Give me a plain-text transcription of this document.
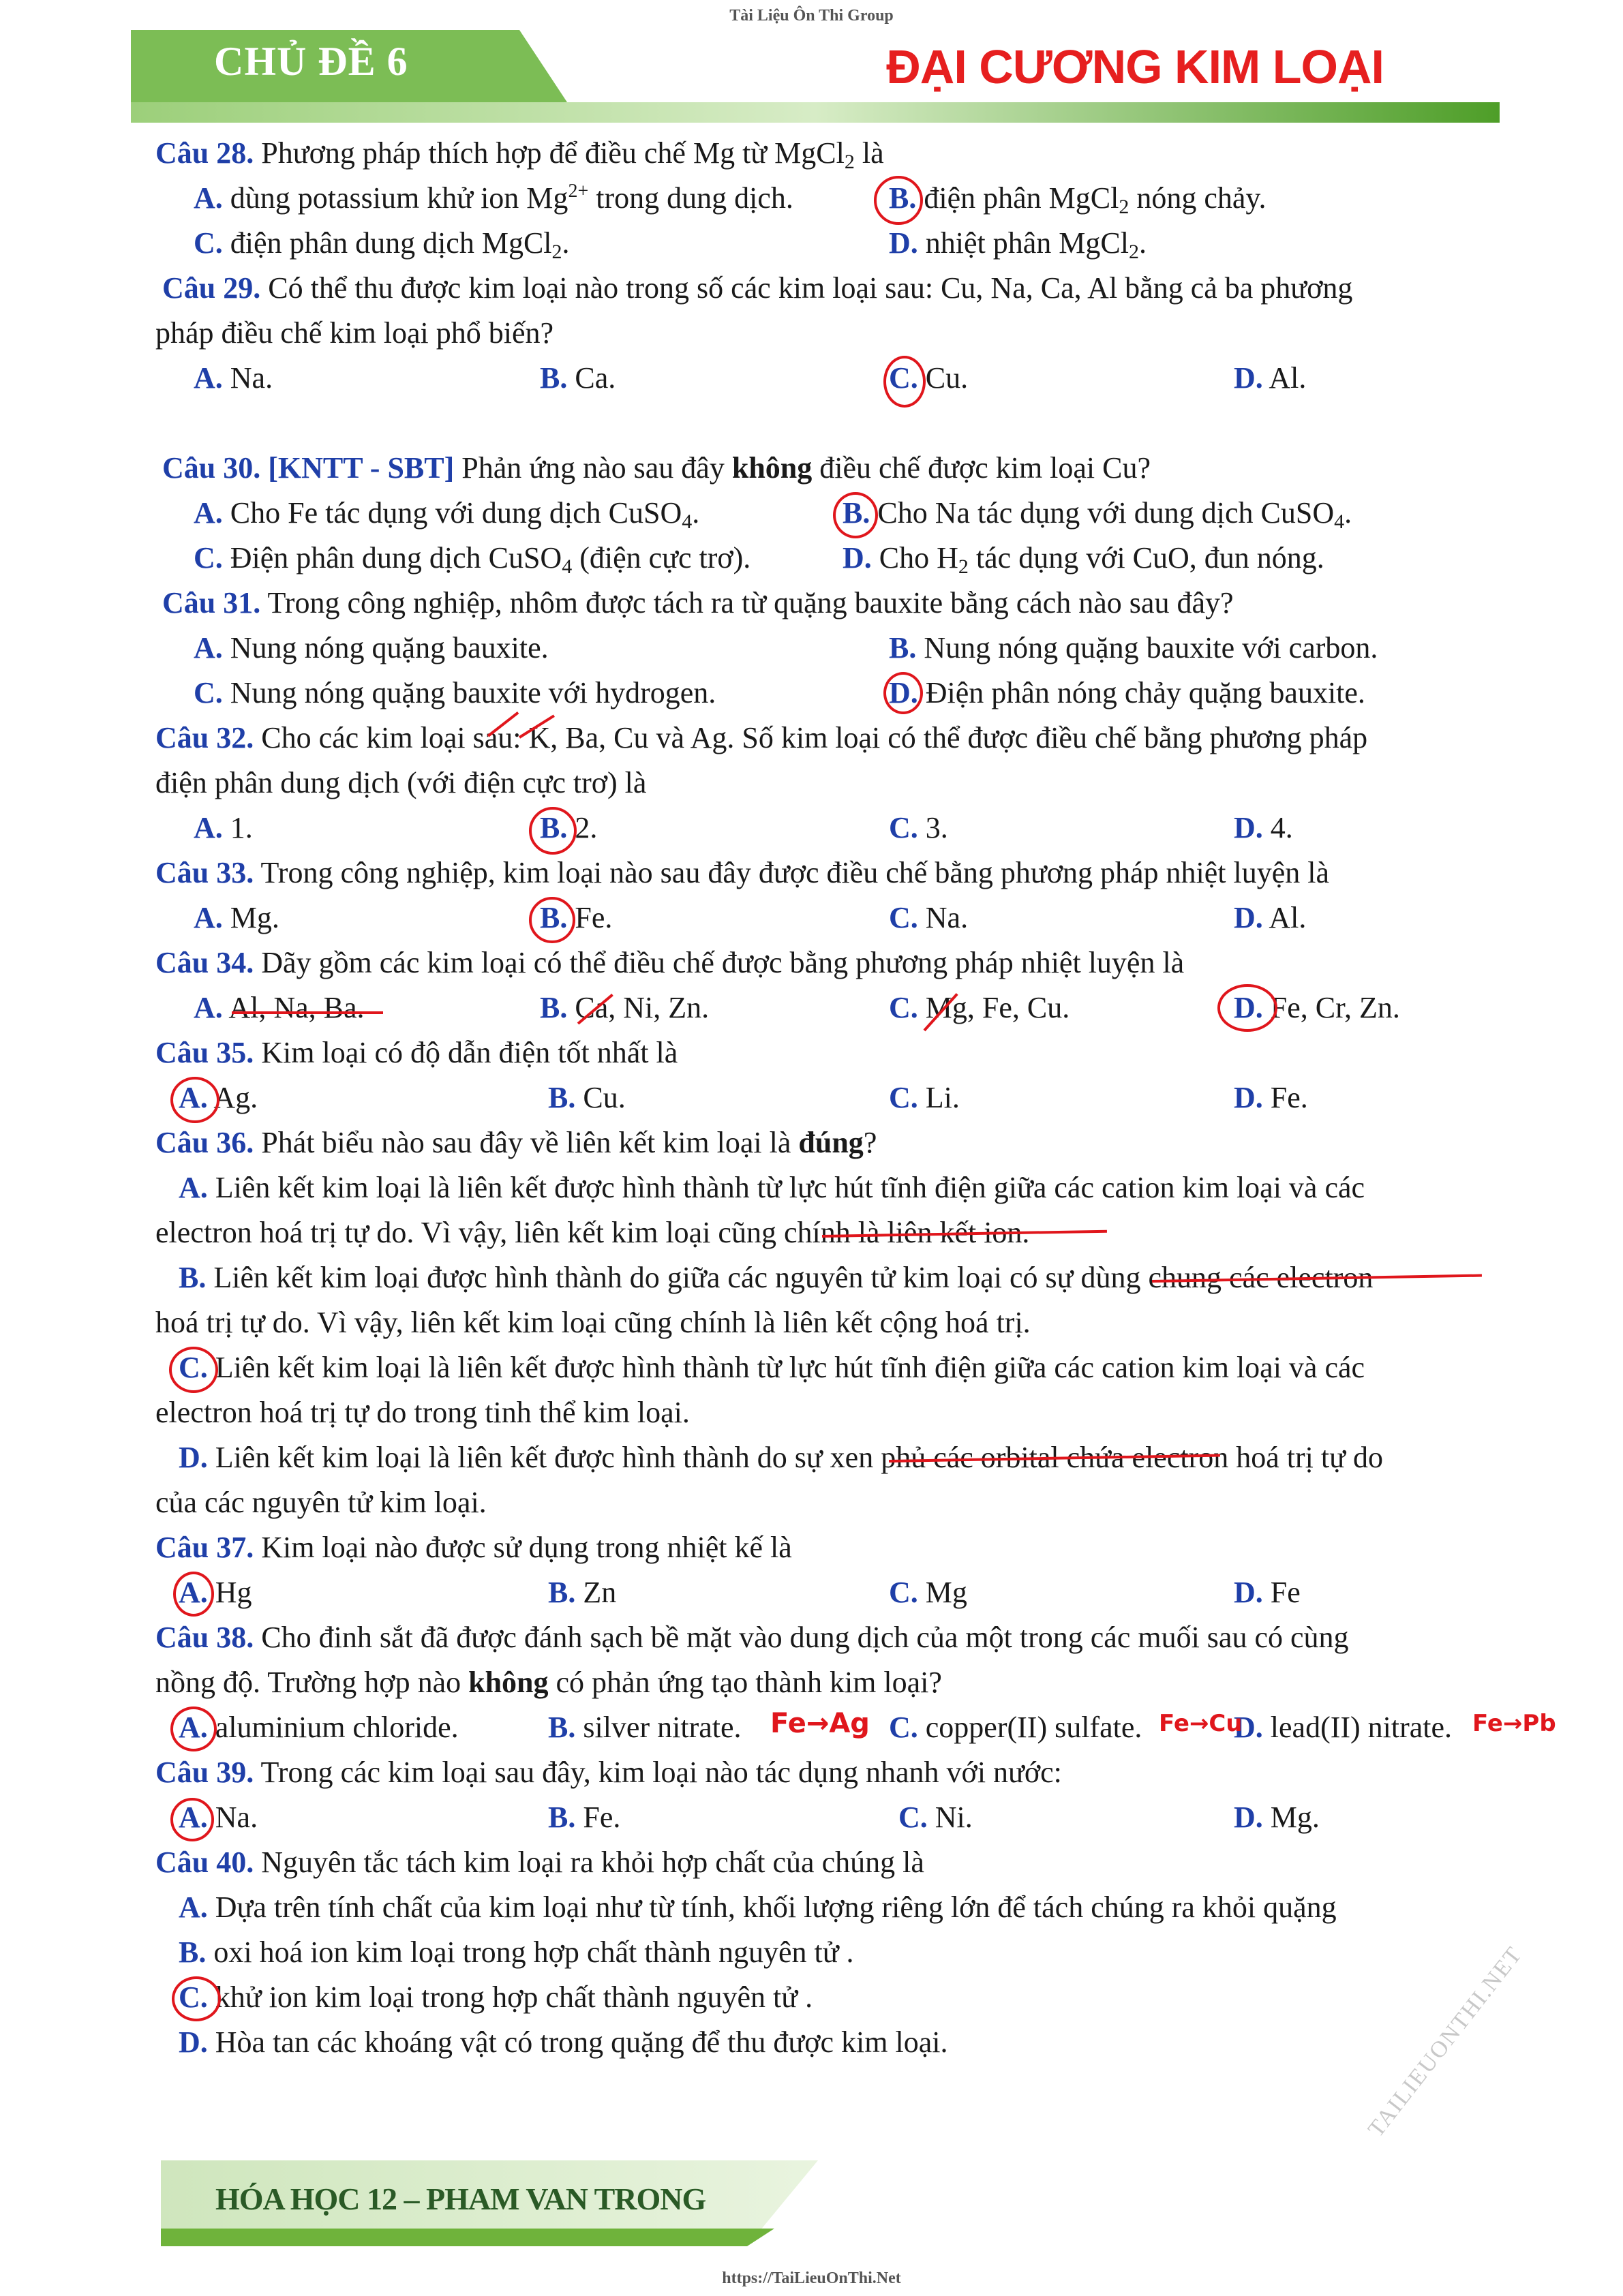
Tài Liệu Ôn Thi Group
CHỦ ĐỀ 6	ĐẠI CƯƠNG KIM LOẠI
Câu 28. Phương pháp thích hợp để điều chế Mg từ MgCl$_2$ là
A. dùng potassium khử ion $Mg^{2+}$ trong dung dịch.	B. điện phân MgCl$_2$ nóng chảy.
C. điện phân dung dịch MgCl$_2$.	D. nhiệt phân MgCl$_2$.
Câu 29. Có thể thu được kim loại nào trong số các kim loại sau: Cu, Na, Ca, Al bằng cả ba phương
pháp điều chế kim loại phổ biến?
A. Na.	B. Ca.	C. Cu.	D. Al.
Câu 30. [KNTT - SBT] Phản ứng nào sau đây không điều chế được kim loại Cu?
A. Cho Fe tác dụng với dung dịch CuSO$_4$.	B. Cho Na tác dụng với dung dịch CuSO$_4$.
C. Điện phân dung dịch CuSO$_4$ (điện cực trơ).	D. Cho $H_2$ tác dụng với CuO, đun nóng.
Câu 31. Trong công nghiệp, nhôm được tách ra từ quặng bauxite bằng cách nào sau đây?
A. Nung nóng quặng bauxite.	B. Nung nóng quặng bauxite với carbon.
C. Nung nóng quặng bauxite với hydrogen.	D. Điện phân nóng chảy quặng bauxite.
Câu 32. Cho các kim loại sau: K, Ba, Cu và Ag. Số kim loại có thể được điều chế bằng phương pháp
điện phân dung dịch (với điện cực trơ) là
A. 1.	B. 2.	C. 3.	D. 4.
Câu 33. Trong công nghiệp, kim loại nào sau đây được điều chế bằng phương pháp nhiệt luyện là
A. Mg.	B. Fe.	C. Na.	D. Al.
Câu 34. Dãy gồm các kim loại có thể điều chế được bằng phương pháp nhiệt luyện là
A. Al, Na, Ba.	B. Ca, Ni, Zn.	C. Mg, Fe, Cu.	D. Fe, Cr, Zn.
Câu 35. Kim loại có độ dẫn điện tốt nhất là
A. Ag.	B. Cu.	C. Li.	D. Fe.
Câu 36. Phát biểu nào sau đây về liên kết kim loại là đúng?
A. Liên kết kim loại là liên kết được hình thành từ lực hút tĩnh điện giữa các cation kim loại và các
electron hoá trị tự do. Vì vậy, liên kết kim loại cũng chính là liên kết ion.
B. Liên kết kim loại được hình thành do giữa các nguyên tử kim loại có sự dùng chung các electron
hoá trị tự do. Vì vậy, liên kết kim loại cũng chính là liên kết cộng hoá trị.
C. Liên kết kim loại là liên kết được hình thành từ lực hút tĩnh điện giữa các cation kim loại và các
electron hoá trị tự do trong tinh thể kim loại.
D. Liên kết kim loại là liên kết được hình thành do sự xen phủ các orbital chứa electron hoá trị tự do
của các nguyên tử kim loại.
Câu 37. Kim loại nào được sử dụng trong nhiệt kế là
A. Hg	B. Zn	C. Mg	D. Fe
Câu 38. Cho đinh sắt đã được đánh sạch bề mặt vào dung dịch của một trong các muối sau có cùng
nồng độ. Trường hợp nào không có phản ứng tạo thành kim loại?
A. aluminium chloride.	B. silver nitrate.	C. copper(II) sulfate.	D. lead(II) nitrate.
Fe→Ag	Fe→Cu	Fe→Pb
Câu 39. Trong các kim loại sau đây, kim loại nào tác dụng nhanh với nước:
A. Na.	B. Fe.	C. Ni.	D. Mg.
Câu 40. Nguyên tắc tách kim loại ra khỏi hợp chất của chúng là
A. Dựa trên tính chất của kim loại như từ tính, khối lượng riêng lớn để tách chúng ra khỏi quặng
B. oxi hoá ion kim loại trong hợp chất thành nguyên tử .
C. khử ion kim loại trong hợp chất thành nguyên tử .
D. Hòa tan các khoáng vật có trong quặng để thu được kim loại.	TAILIEUONTHI.NET
HÓA HỌC 12 – PHAM VAN TRONG
https://TaiLieuOnThi.Net
